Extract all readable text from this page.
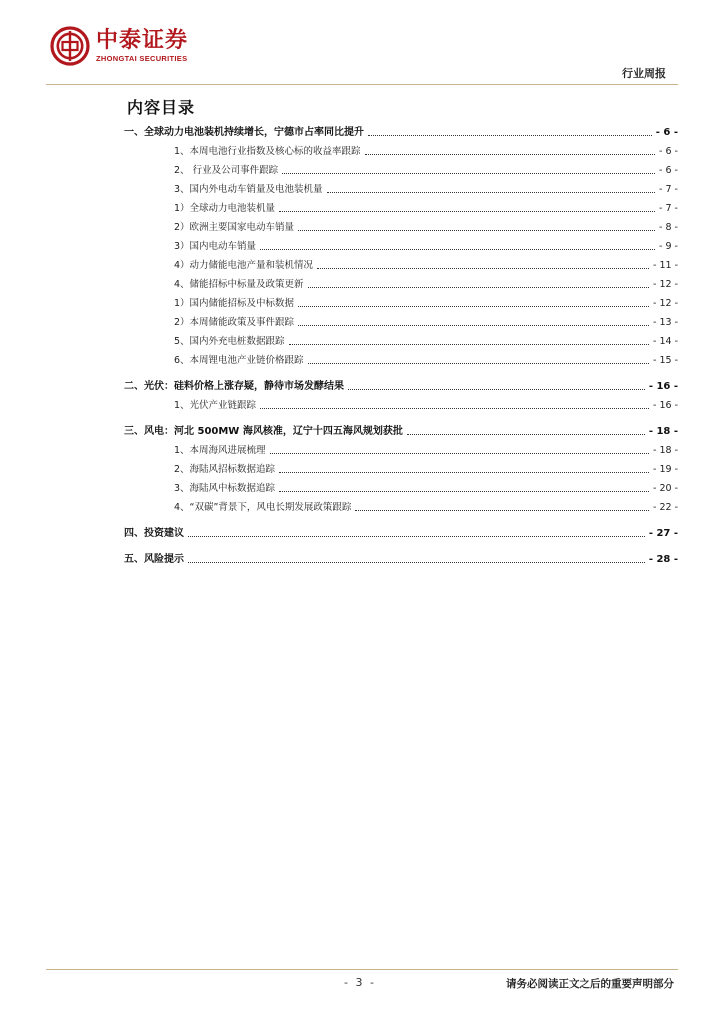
中泰证券
ZHONGTAI SECURITIES
行业周报
内容目录
一、全球动力电池装机持续增长，宁德市占率同比提升	- 6 -
1、本周电池行业指数及核心标的收益率跟踪	- 6 -
2、 行业及公司事件跟踪	- 6 -
3、国内外电动车销量及电池装机量	- 7 -
1）全球动力电池装机量	- 7 -
2）欧洲主要国家电动车销量	- 8 -
3）国内电动车销量	- 9 -
4）动力储能电池产量和装机情况	- 11 -
4、储能招标中标量及政策更新	- 12 -
1）国内储能招标及中标数据	- 12 -
2）本周储能政策及事件跟踪	- 13 -
5、国内外充电桩数据跟踪	- 14 -
6、本周锂电池产业链价格跟踪	- 15 -
二、光伏：硅料价格上涨存疑，静待市场发酵结果	- 16 -
1、光伏产业链跟踪	- 16 -
三、风电：河北 500MW 海风核准，辽宁十四五海风规划获批	- 18 -
1、本周海风进展梳理	- 18 -
2、海陆风招标数据追踪	- 19 -
3、海陆风中标数据追踪	- 20 -
4、“双碳”背景下，风电长期发展政策跟踪	- 22 -
四、投资建议	- 27 -
五、风险提示	- 28 -
- 3 -	请务必阅读正文之后的重要声明部分
